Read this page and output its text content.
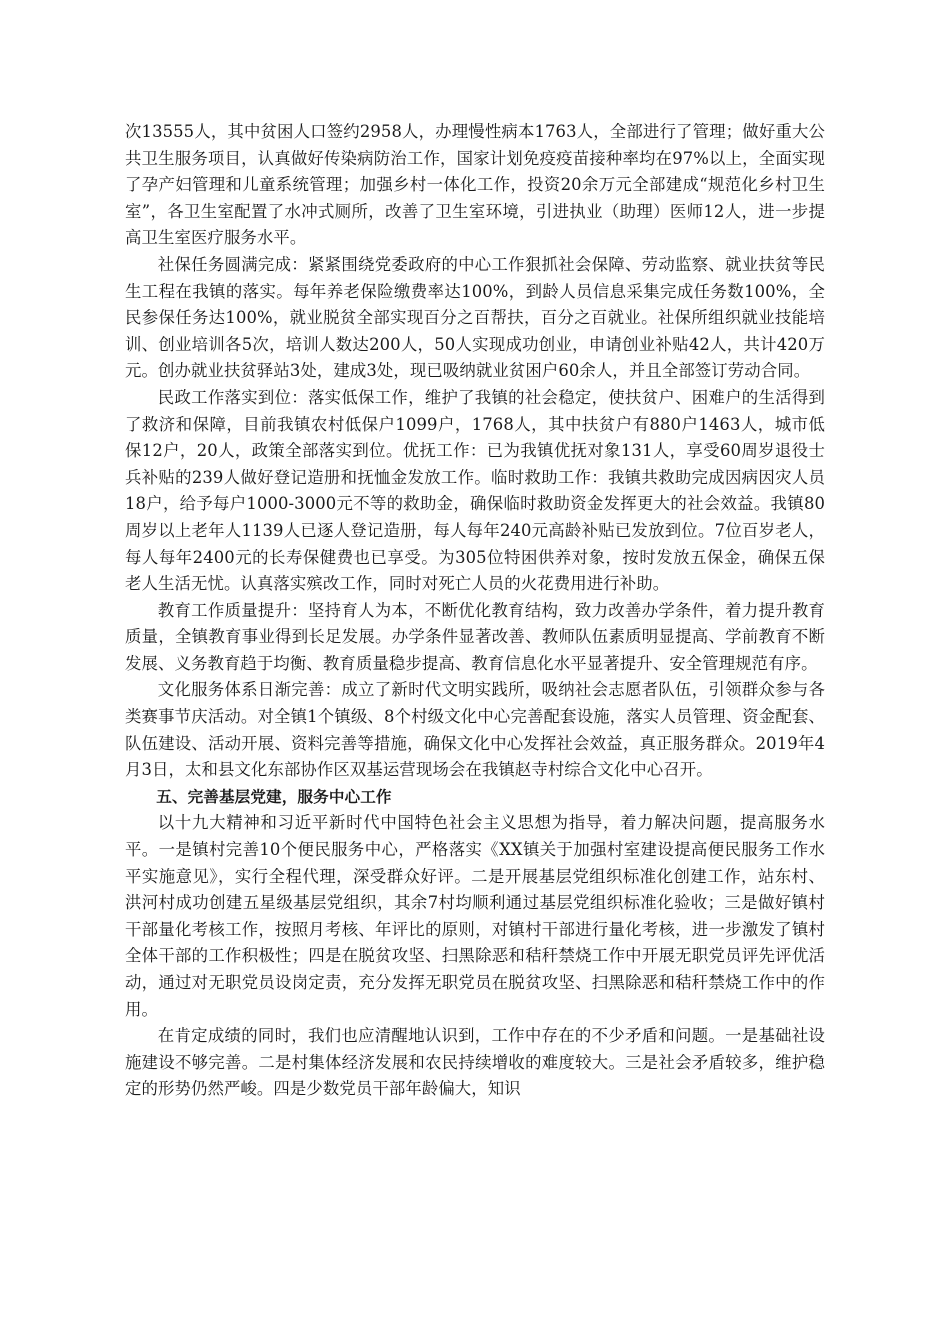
次13555人，其中贫困人口签约2958人，办理慢性病本1763人，全部进行了管理；做好重大公共卫生服务项目，认真做好传染病防治工作，国家计划免疫疫苗接种率均在97%以上，全面实现了孕产妇管理和儿童系统管理；加强乡村一体化工作，投资20余万元全部建成“规范化乡村卫生室”，各卫生室配置了水冲式厕所，改善了卫生室环境，引进执业（助理）医师12人，进一步提高卫生室医疗服务水平。

社保任务圆满完成：紧紧围绕党委政府的中心工作狠抓社会保障、劳动监察、就业扶贫等民生工程在我镇的落实。每年养老保险缴费率达100%，到龄人员信息采集完成任务数100%，全民参保任务达100%，就业脱贫全部实现百分之百帮扶，百分之百就业。社保所组织就业技能培训、创业培训各5次，培训人数达200人，50人实现成功创业，申请创业补贴42人，共计420万元。创办就业扶贫驿站3处，建成3处，现已吸纳就业贫困户60余人，并且全部签订劳动合同。

民政工作落实到位：落实低保工作，维护了我镇的社会稳定，使扶贫户、困难户的生活得到了救济和保障，目前我镇农村低保户1099户，1768人，其中扶贫户有880户1463人，城市低保12户，20人，政策全部落实到位。优抚工作：已为我镇优抚对象131人，享受60周岁退役士兵补贴的239人做好登记造册和抚恤金发放工作。临时救助工作：我镇共救助完成因病因灾人员18户，给予每户1000-3000元不等的救助金，确保临时救助资金发挥更大的社会效益。我镇80周岁以上老年人1139人已逐人登记造册，每人每年240元高龄补贴已发放到位。7位百岁老人，每人每年2400元的长寿保健费也已享受。为305位特困供养对象，按时发放五保金，确保五保老人生活无忧。认真落实殡改工作，同时对死亡人员的火花费用进行补助。

教育工作质量提升：坚持育人为本，不断优化教育结构，致力改善办学条件，着力提升教育质量，全镇教育事业得到长足发展。办学条件显著改善、教师队伍素质明显提高、学前教育不断发展、义务教育趋于均衡、教育质量稳步提高、教育信息化水平显著提升、安全管理规范有序。

文化服务体系日渐完善：成立了新时代文明实践所，吸纳社会志愿者队伍，引领群众参与各类赛事节庆活动。对全镇1个镇级、8个村级文化中心完善配套设施，落实人员管理、资金配套、队伍建设、活动开展、资料完善等措施，确保文化中心发挥社会效益，真正服务群众。2019年4月3日，太和县文化东部协作区双基运营现场会在我镇赵寺村综合文化中心召开。

五、完善基层党建，服务中心工作

以十九大精神和习近平新时代中国特色社会主义思想为指导，着力解决问题，提高服务水平。一是镇村完善10个便民服务中心，严格落实《XX镇关于加强村室建设提高便民服务工作水平实施意见》，实行全程代理，深受群众好评。二是开展基层党组织标准化创建工作，站东村、洪河村成功创建五星级基层党组织，其余7村均顺利通过基层党组织标准化验收；三是做好镇村干部量化考核工作，按照月考核、年评比的原则，对镇村干部进行量化考核，进一步激发了镇村全体干部的工作积极性；四是在脱贫攻坚、扫黑除恶和秸秆禁烧工作中开展无职党员评先评优活动，通过对无职党员设岗定责，充分发挥无职党员在脱贫攻坚、扫黑除恶和秸秆禁烧工作中的作用。

在肯定成绩的同时，我们也应清醒地认识到，工作中存在的不少矛盾和问题。一是基础社设施建设不够完善。二是村集体经济发展和农民持续增收的难度较大。三是社会矛盾较多，维护稳定的形势仍然严峻。四是少数党员干部年龄偏大，知识
